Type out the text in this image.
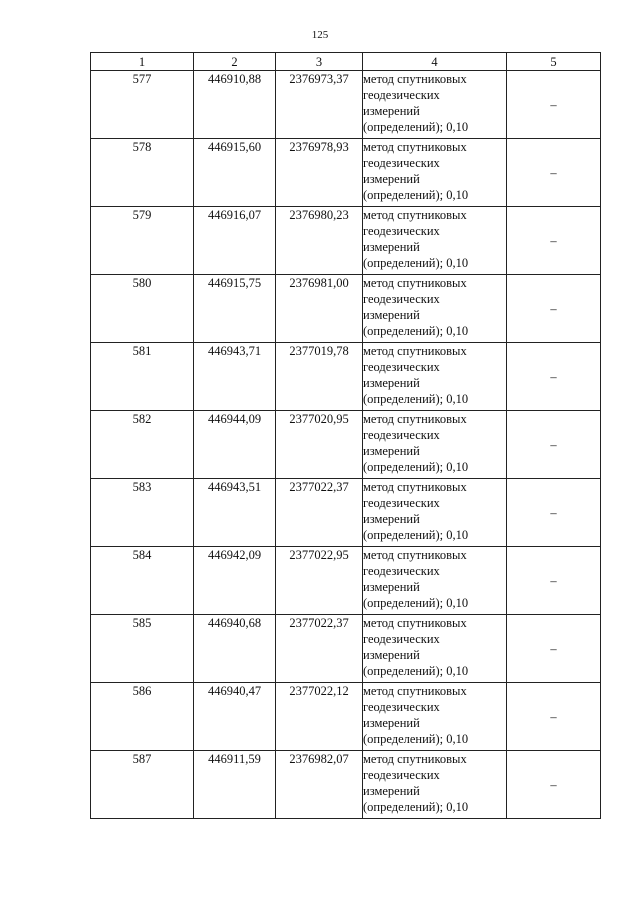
125
1	2	3	4	5
577	446910,88	2376973,37	метод спутниковых
геодезических
измерений
(определений); 0,10	–
578	446915,60	2376978,93	метод спутниковых
геодезических
измерений
(определений); 0,10	–
579	446916,07	2376980,23	метод спутниковых
геодезических
измерений
(определений); 0,10	–
580	446915,75	2376981,00	метод спутниковых
геодезических
измерений
(определений); 0,10	–
581	446943,71	2377019,78	метод спутниковых
геодезических
измерений
(определений); 0,10	–
582	446944,09	2377020,95	метод спутниковых
геодезических
измерений
(определений); 0,10	–
583	446943,51	2377022,37	метод спутниковых
геодезических
измерений
(определений); 0,10	–
584	446942,09	2377022,95	метод спутниковых
геодезических
измерений
(определений); 0,10	–
585	446940,68	2377022,37	метод спутниковых
геодезических
измерений
(определений); 0,10	–
586	446940,47	2377022,12	метод спутниковых
геодезических
измерений
(определений); 0,10	–
587	446911,59	2376982,07	метод спутниковых
геодезических
измерений
(определений); 0,10	–
